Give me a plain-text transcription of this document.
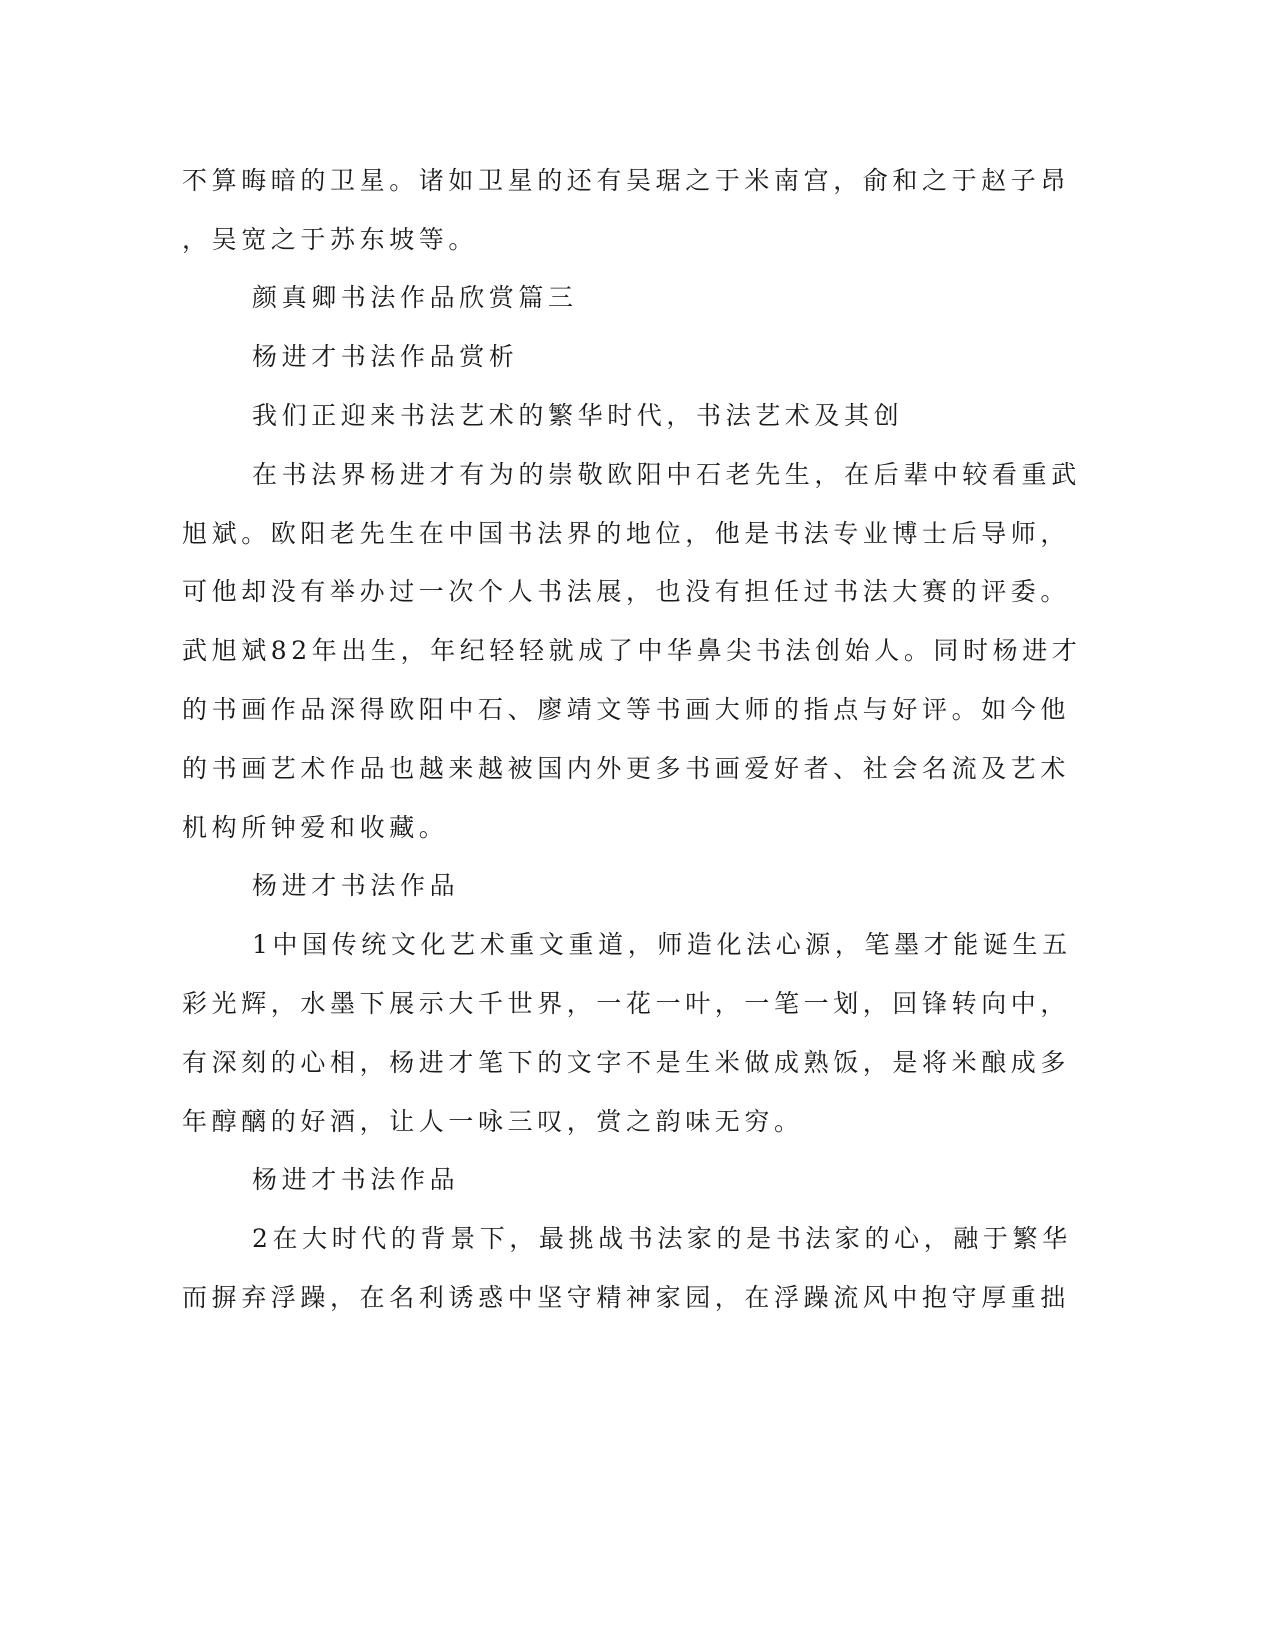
不算晦暗的卫星。诸如卫星的还有吴琚之于米南宫，俞和之于赵子昂
，吴宽之于苏东坡等。
颜真卿书法作品欣赏篇三
杨进才书法作品赏析
我们正迎来书法艺术的繁华时代，书法艺术及其创
在书法界杨进才有为的崇敬欧阳中石老先生，在后辈中较看重武
旭斌。欧阳老先生在中国书法界的地位，他是书法专业博士后导师，
可他却没有举办过一次个人书法展，也没有担任过书法大赛的评委。
武旭斌82年出生，年纪轻轻就成了中华鼻尖书法创始人。同时杨进才
的书画作品深得欧阳中石、廖靖文等书画大师的指点与好评。如今他
的书画艺术作品也越来越被国内外更多书画爱好者、社会名流及艺术
机构所钟爱和收藏。
杨进才书法作品
1中国传统文化艺术重文重道，师造化法心源，笔墨才能诞生五
彩光辉，水墨下展示大千世界，一花一叶，一笔一划，回锋转向中，
有深刻的心相，杨进才笔下的文字不是生米做成熟饭，是将米酿成多
年醇醨的好酒，让人一咏三叹，赏之韵味无穷。
杨进才书法作品
2在大时代的背景下，最挑战书法家的是书法家的心，融于繁华
而摒弃浮躁，在名利诱惑中坚守精神家园，在浮躁流风中抱守厚重拙
